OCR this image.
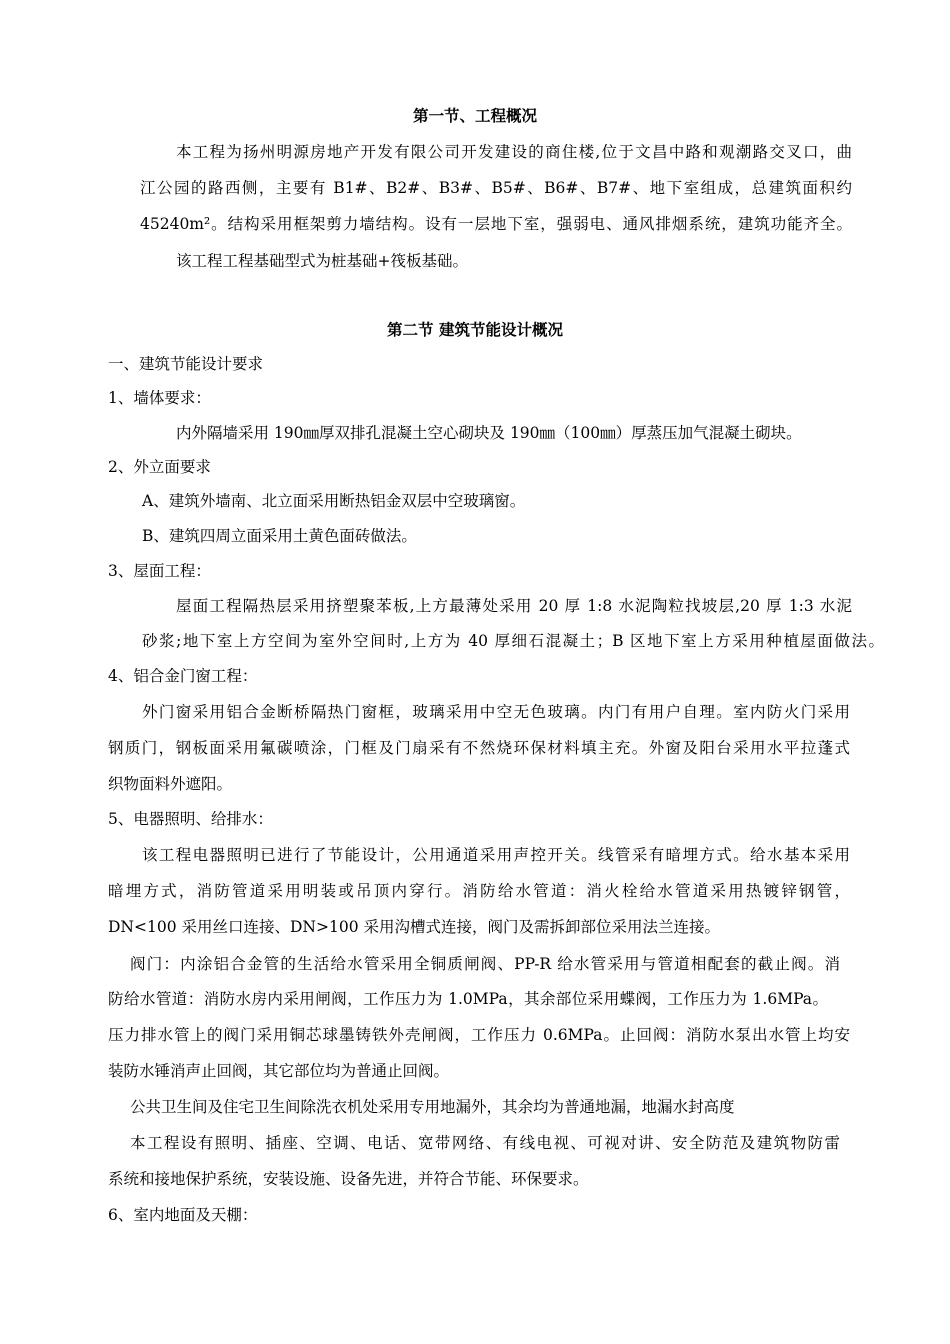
第一节、工程概况
本工程为扬州明源房地产开发有限公司开发建设的商住楼,位于文昌中路和观潮路交叉口，曲
江公园的路西侧，主要有 B1#、B2#、B3#、B5#、B6#、B7#、地下室组成，总建筑面积约
45240m²。结构采用框架剪力墙结构。设有一层地下室，强弱电、通风排烟系统，建筑功能齐全。
该工程工程基础型式为桩基础+筏板基础。
第二节 建筑节能设计概况
一、建筑节能设计要求
1、墙体要求：
内外隔墙采用 190㎜厚双排孔混凝土空心砌块及 190㎜（100㎜）厚蒸压加气混凝土砌块。
2、外立面要求
A、建筑外墙南、北立面采用断热铝金双层中空玻璃窗。
B、建筑四周立面采用土黄色面砖做法。
3、屋面工程：
屋面工程隔热层采用挤塑聚苯板,上方最薄处采用 20 厚 1:8 水泥陶粒找坡层,20 厚 1:3 水泥
砂浆;地下室上方空间为室外空间时,上方为 40 厚细石混凝土；B 区地下室上方采用种植屋面做法。
4、铝合金门窗工程：
外门窗采用铝合金断桥隔热门窗框，玻璃采用中空无色玻璃。内门有用户自理。室内防火门采用
钢质门，钢板面采用氟碳喷涂，门框及门扇采有不然烧环保材料填主充。外窗及阳台采用水平拉蓬式
织物面料外遮阳。
5、电器照明、给排水：
该工程电器照明已进行了节能设计，公用通道采用声控开关。线管采有暗埋方式。给水基本采用
暗埋方式，消防管道采用明装或吊顶内穿行。消防给水管道：消火栓给水管道采用热镀锌钢管，
DN<100 采用丝口连接、DN>100 采用沟槽式连接，阀门及需拆卸部位采用法兰连接。
阀门：内涂铝合金管的生活给水管采用全铜质闸阀、PP-R 给水管采用与管道相配套的截止阀。消
防给水管道：消防水房内采用闸阀，工作压力为 1.0MPa，其余部位采用蝶阀，工作压力为 1.6MPa。
压力排水管上的阀门采用铜芯球墨铸铁外壳闸阀，工作压力 0.6MPa。止回阀：消防水泵出水管上均安
装防水锤消声止回阀，其它部位均为普通止回阀。
公共卫生间及住宅卫生间除洗衣机处采用专用地漏外，其余均为普通地漏，地漏水封高度
本工程设有照明、插座、空调、电话、宽带网络、有线电视、可视对讲、安全防范及建筑物防雷
系统和接地保护系统，安装设施、设备先进，并符合节能、环保要求。
6、室内地面及天棚：
